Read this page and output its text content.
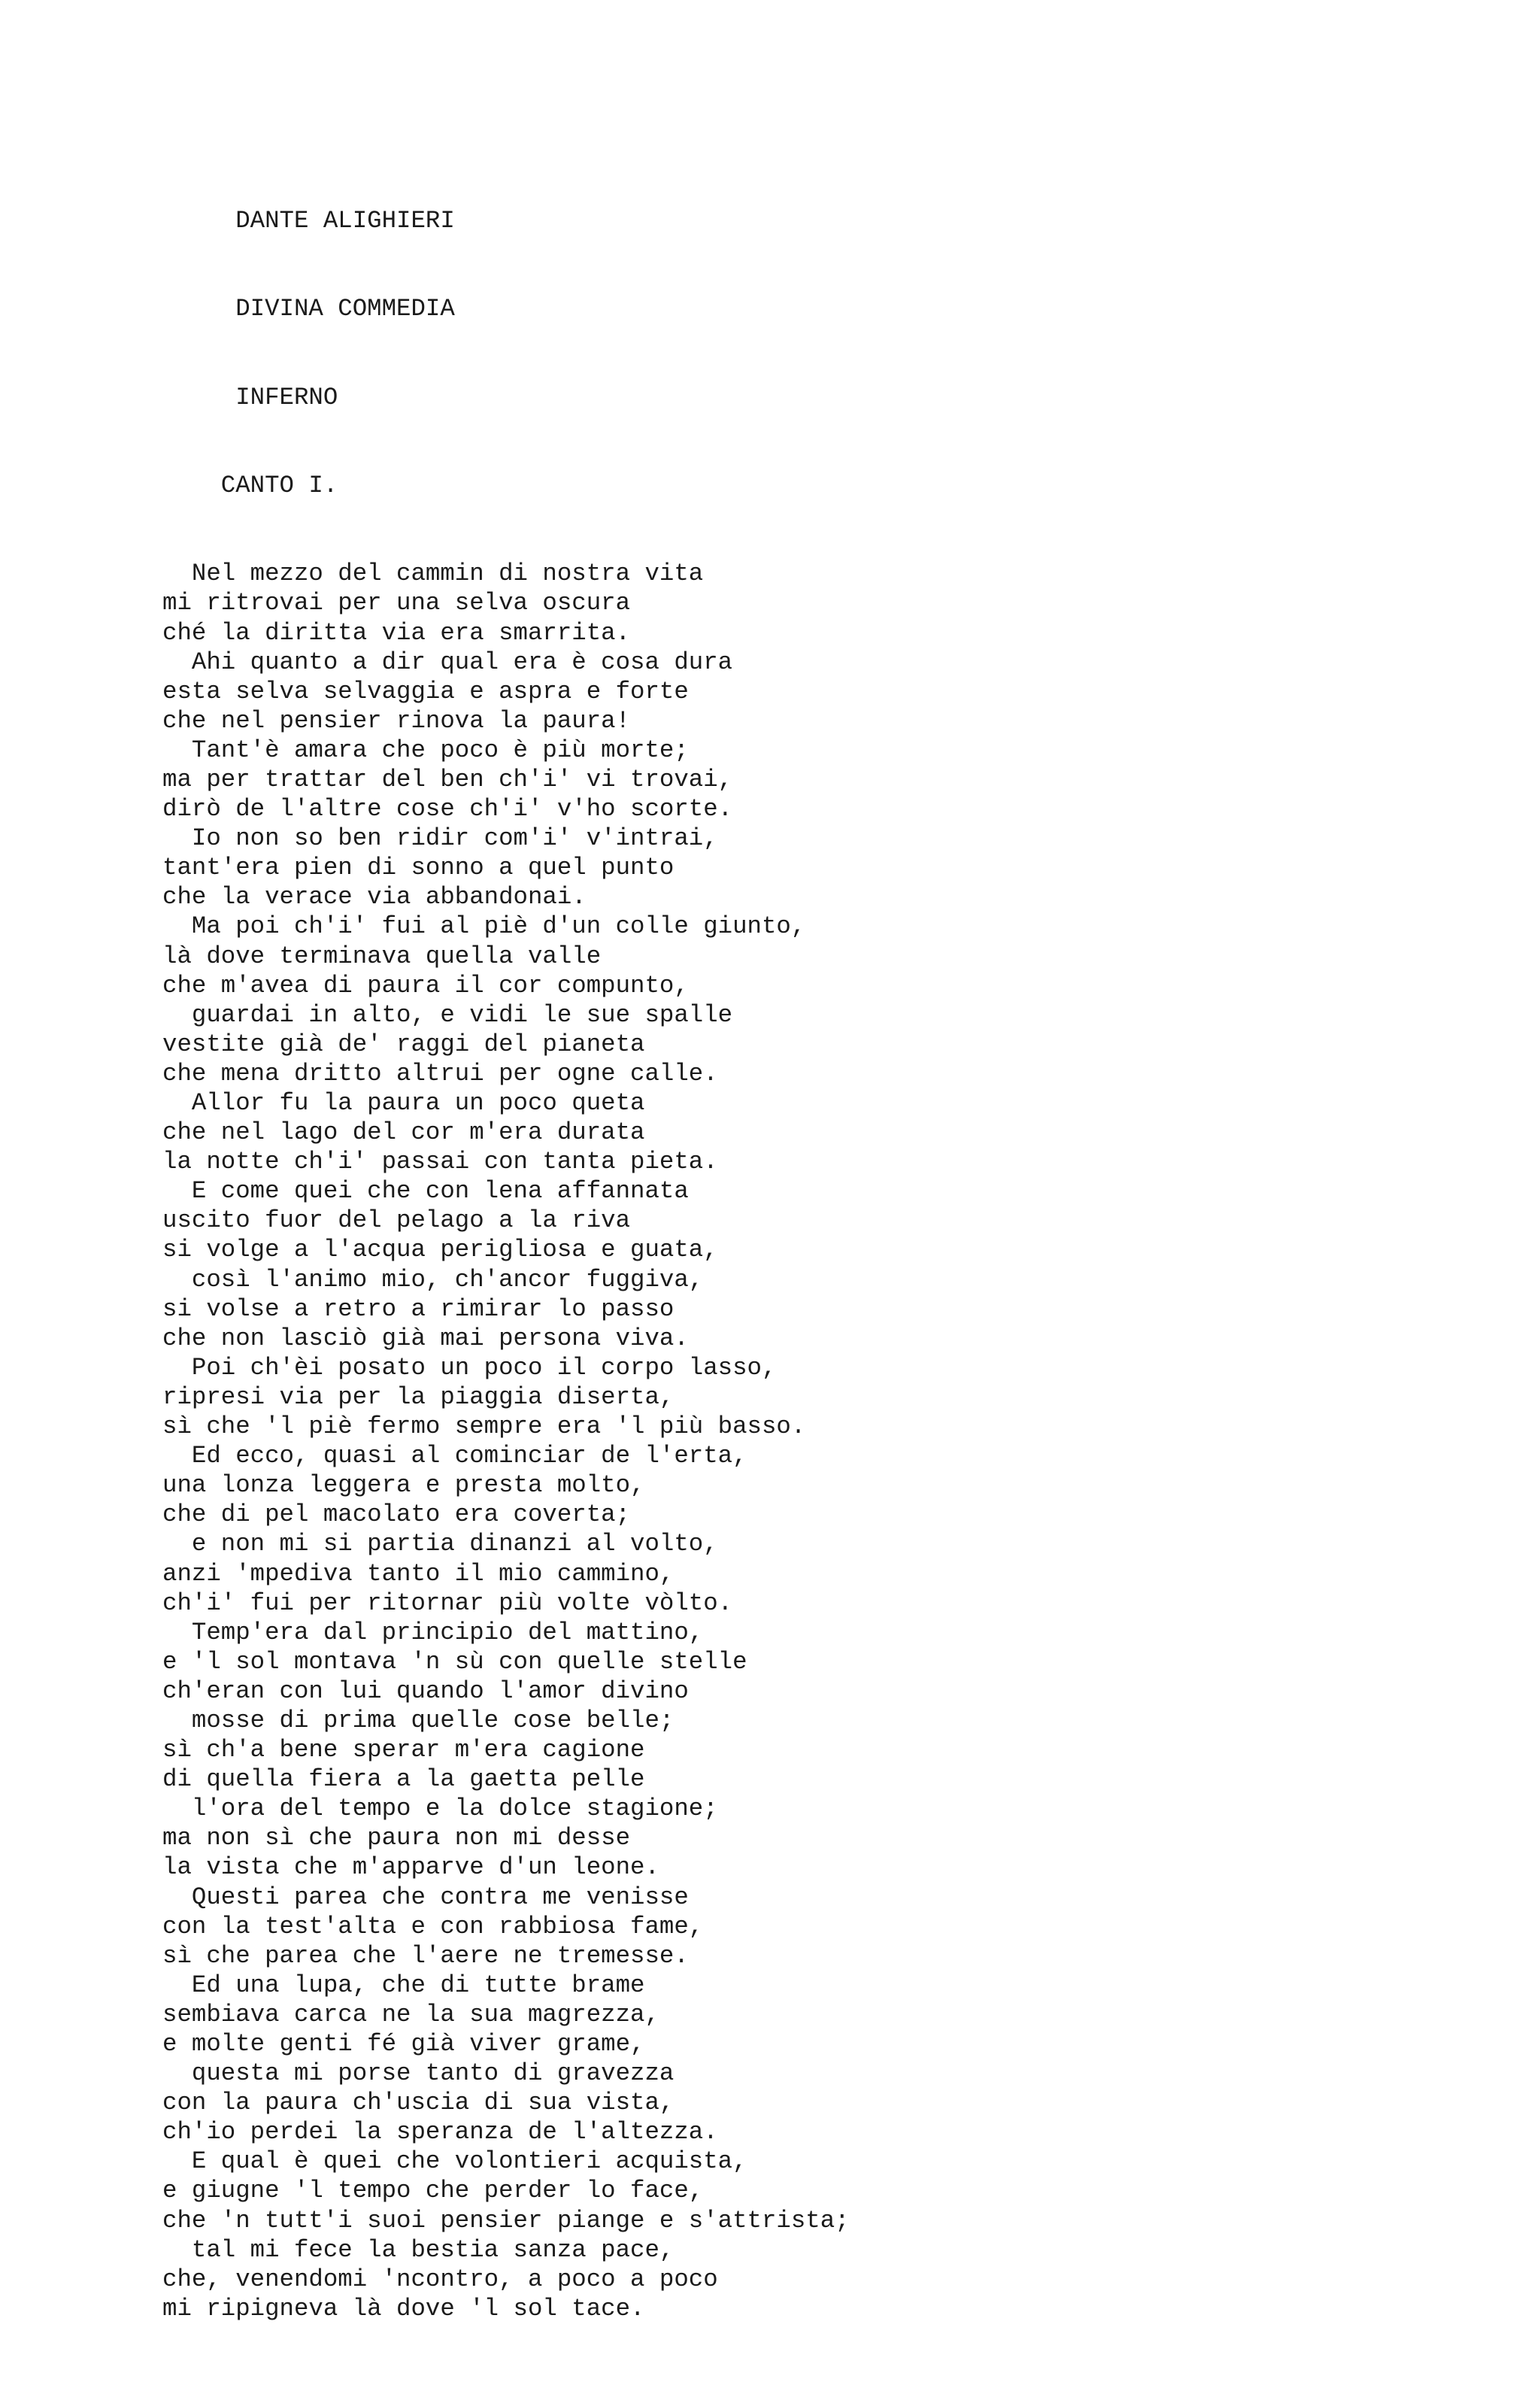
DANTE ALIGHIERI

DIVINA COMMEDIA

INFERNO

CANTO I.

Nel mezzo del cammin di nostra vita
mi ritrovai per una selva oscura
ché la diritta via era smarrita.
Ahi quanto a dir qual era è cosa dura
esta selva selvaggia e aspra e forte
che nel pensier rinova la paura!
Tant'è amara che poco è più morte;
ma per trattar del ben ch'i' vi trovai,
dirò de l'altre cose ch'i' v'ho scorte.
Io non so ben ridir com'i' v'intrai,
tant'era pien di sonno a quel punto
che la verace via abbandonai.
Ma poi ch'i' fui al piè d'un colle giunto,
là dove terminava quella valle
che m'avea di paura il cor compunto,
guardai in alto, e vidi le sue spalle
vestite già de' raggi del pianeta
che mena dritto altrui per ogne calle.
Allor fu la paura un poco queta
che nel lago del cor m'era durata
la notte ch'i' passai con tanta pieta.
E come quei che con lena affannata
uscito fuor del pelago a la riva
si volge a l'acqua perigliosa e guata,
così l'animo mio, ch'ancor fuggiva,
si volse a retro a rimirar lo passo
che non lasciò già mai persona viva.
Poi ch'èi posato un poco il corpo lasso,
ripresi via per la piaggia diserta,
sì che 'l piè fermo sempre era 'l più basso.
Ed ecco, quasi al cominciar de l'erta,
una lonza leggera e presta molto,
che di pel macolato era coverta;
e non mi si partia dinanzi al volto,
anzi 'mpediva tanto il mio cammino,
ch'i' fui per ritornar più volte vòlto.
Temp'era dal principio del mattino,
e 'l sol montava 'n sù con quelle stelle
ch'eran con lui quando l'amor divino
mosse di prima quelle cose belle;
sì ch'a bene sperar m'era cagione
di quella fiera a la gaetta pelle
l'ora del tempo e la dolce stagione;
ma non sì che paura non mi desse
la vista che m'apparve d'un leone.
Questi parea che contra me venisse
con la test'alta e con rabbiosa fame,
sì che parea che l'aere ne tremesse.
Ed una lupa, che di tutte brame
sembiava carca ne la sua magrezza,
e molte genti fé già viver grame,
questa mi porse tanto di gravezza
con la paura ch'uscia di sua vista,
ch'io perdei la speranza de l'altezza.
E qual è quei che volontieri acquista,
e giugne 'l tempo che perder lo face,
che 'n tutt'i suoi pensier piange e s'attrista;
tal mi fece la bestia sanza pace,
che, venendomi 'ncontro, a poco a poco
mi ripigneva là dove 'l sol tace.
